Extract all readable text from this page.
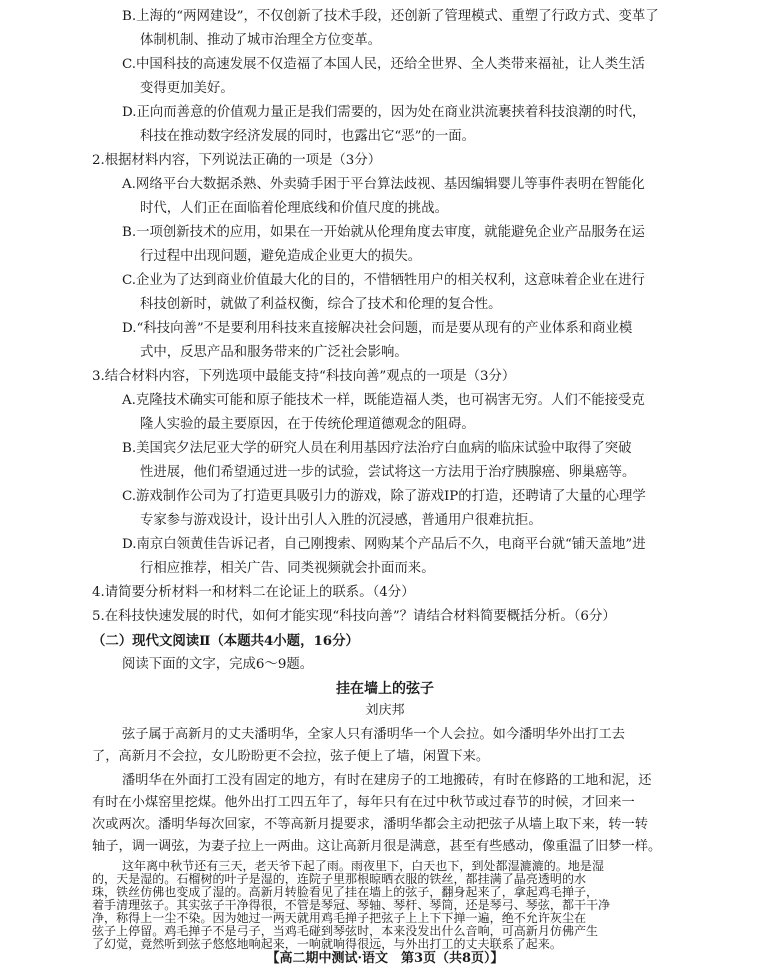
B.上海的“两网建设”，不仅创新了技术手段，还创新了管理模式、重塑了行政方式、变革了
体制机制、推动了城市治理全方位变革。
C.中国科技的高速发展不仅造福了本国人民，还给全世界、全人类带来福祉，让人类生活
变得更加美好。
D.正向而善意的价值观力量正是我们需要的，因为处在商业洪流裹挟着科技浪潮的时代，
科技在推动数字经济发展的同时，也露出它“恶”的一面。
2.根据材料内容，下列说法正确的一项是（3分）
A.网络平台大数据杀熟、外卖骑手困于平台算法歧视、基因编辑婴儿等事件表明在智能化
时代，人们正在面临着伦理底线和价值尺度的挑战。
B.一项创新技术的应用，如果在一开始就从伦理角度去审度，就能避免企业产品服务在运
行过程中出现问题，避免造成企业更大的损失。
C.企业为了达到商业价值最大化的目的，不惜牺牲用户的相关权利，这意味着企业在进行
科技创新时，就做了利益权衡，综合了技术和伦理的复合性。
D.“科技向善”不是要利用科技来直接解决社会问题，而是要从现有的产业体系和商业模
式中，反思产品和服务带来的广泛社会影响。
3.结合材料内容，下列选项中最能支持“科技向善”观点的一项是（3分）
A.克隆技术确实可能和原子能技术一样，既能造福人类，也可祸害无穷。人们不能接受克
隆人实验的最主要原因，在于传统伦理道德观念的阻碍。
B.美国宾夕法尼亚大学的研究人员在利用基因疗法治疗白血病的临床试验中取得了突破
性进展，他们希望通过进一步的试验，尝试将这一方法用于治疗胰腺癌、卵巢癌等。
C.游戏制作公司为了打造更具吸引力的游戏，除了游戏IP的打造，还聘请了大量的心理学
专家参与游戏设计，设计出引人入胜的沉浸感，普通用户很难抗拒。
D.南京白领黄佳告诉记者，自己刚搜索、网购某个产品后不久，电商平台就“铺天盖地”进
行相应推荐，相关广告、同类视频就会扑面而来。
4.请简要分析材料一和材料二在论证上的联系。（4分）
5.在科技快速发展的时代，如何才能实现“科技向善”？请结合材料简要概括分析。（6分）
（二）现代文阅读Ⅱ（本题共4小题，16分）
阅读下面的文字，完成6～9题。
挂在墙上的弦子
刘庆邦
弦子属于高新月的丈夫潘明华，全家人只有潘明华一个人会拉。如今潘明华外出打工去
了，高新月不会拉，女儿盼盼更不会拉，弦子便上了墙，闲置下来。
潘明华在外面打工没有固定的地方，有时在建房子的工地搬砖，有时在修路的工地和泥，还
有时在小煤窑里挖煤。他外出打工四五年了，每年只有在过中秋节或过春节的时候，才回来一
次或两次。潘明华每次回家，不等高新月提要求，潘明华都会主动把弦子从墙上取下来，转一转
轴子，调一调弦，为妻子拉上一两曲。这让高新月很是满意，甚至有些感动，像重温了旧梦一样。
这年离中秋节还有三天，老天爷下起了雨。雨夜里下，白天也下，到处都湿漉漉的。地是湿
的，天是湿的。石榴树的叶子是湿的，连院子里那根晾晒衣服的铁丝，都挂满了晶亮透明的水
珠，铁丝仿佛也变成了湿的。高新月转脸看见了挂在墙上的弦子，翻身起来了，拿起鸡毛掸子，
着手清理弦子。其实弦子干净得很，不管是琴冠、琴轴、琴杆、琴筒，还是琴弓、琴弦，都干干净
净，称得上一尘不染。因为她过一两天就用鸡毛掸子把弦子上上下下掸一遍，绝不允许灰尘在
弦子上停留。鸡毛掸子不是弓子，当鸡毛碰到琴弦时，本来没发出什么音响，可高新月仿佛产生
了幻觉，竟然听到弦子悠悠地响起来，一响就响得很远，与外出打工的丈夫联系了起来。
【高二期中测试·语文　第3页（共8页）】
